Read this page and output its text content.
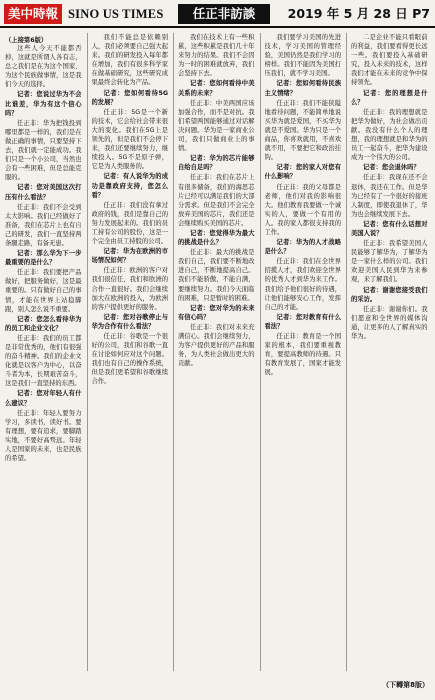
美中時報 SINO US TIMES	任正非訪談	2019 年 5 月 28 日 P7
（上接第6版）

这些人今天不能都否掉，这就是所谓人各有志，总之我们是在为这个国家、为这个民族做事情，这是我们今天的选择。

记者：您说过华为不会比谁差，华为有这个信心吗？

任正非：华为把钱投到哪里都是一样的，我们是在做正确的事情，只要坚持下去，我们就一定能成功。我们只是一个小公司，当然也会有一些困难，但是总能克服的。

记者：您对美国这次打压有什么看法？

任正非：我们不会受到太大影响。我们已经做好了准备，我们在芯片上也有自己的研发，我们一直坚持两条腿走路，有备无患。

记者：那么华为下一步最重要的是什么？

任正非：我们要把产品做好，把服务做好，这是最重要的。只有做好自己的事情，才能在世界上站稳脚跟，别人怎么说不重要。

记者：您怎么看待华为的员工和企业文化？

任正非：我们的员工都是非常优秀的，他们有很强的奋斗精神。我们的企业文化就是以客户为中心，以奋斗者为本，长期艰苦奋斗，这是我们一直坚持的东西。

记者：您对年轻人有什么建议？

任正非：年轻人要努力学习，多读书，读好书。要有理想，要有追求，要脚踏实地，不要好高骛远。年轻人是国家的未来，也是民族的希望。

我们不能总是依赖别人，我们必须要自己强大起来。我们的研发投入每年都在增加，我们有很多科学家在做基础研究，这些研究成果最终会转化为产品。

记者：您如何看待5G的发展？

任正非：5G是一个新的技术，它会给社会带来很大的变化。我们在5G上是领先的，但是我们不会停下来，我们还要继续努力，继续投入。5G不是原子弹，它是为人类服务的。

记者：有人说华为的成功是靠政府支持，您怎么看？

任正非：我们没有拿过政府的钱，我们是靠自己的努力发展起来的。我们的员工持有公司的股份，这是一个完全由员工持股的公司。

记者：华为在欧洲的市场情况如何？

任正非：欧洲的客户对我们很信任，我们和欧洲的合作一直很好。我们会继续加大在欧洲的投入，为欧洲的客户提供更好的服务。

记者：您对谷歌停止与华为合作有什么看法？

任正非：谷歌是一个很好的公司，我们和谷歌一直在讨论如何应对这个问题。我们也有自己的操作系统，但是我们更希望和谷歌继续合作。

我们在技术上有一些积累，这些积累是我们几十年来努力的结果。我们不会因为一时的困难就放弃，我们会坚持下去。

记者：您如何看待中美关系的未来？

任正非：中美两国应该加强合作，而不是对抗。我们希望两国能够通过对话解决问题。华为是一家商业公司，我们只做商业上的事情。

记者：华为的芯片能够自给自足吗？

任正非：我们在芯片上有很多储备，我们的海思芯片已经可以满足我们的大部分需求。但是我们不会完全放弃美国的芯片，我们还是会继续购买美国的芯片。

记者：您觉得华为最大的挑战是什么？

任正非：最大的挑战是我们自己，我们要不断地改进自己，不断地提高自己。我们不能骄傲，不能自满，要继续努力。我们今天面临的困难，只是暂时的困难。

记者：您对华为的未来有信心吗？

任正非：我们对未来充满信心。我们会继续努力，为客户提供更好的产品和服务，为人类社会做出更大的贡献。

我们要学习美国的先进技术，学习美国的管理经验，美国仍然是我们学习的榜样。我们不能因为美国打压我们，就不学习美国。

记者：您如何看待民族主义情绪？

任正非：我们不能狭隘地看待问题，不能简单地说买华为就是爱国，不买华为就是不爱国。华为只是一个商品，你喜欢就用，不喜欢就不用，不要把它和政治挂钩。

记者：您的家人对您有什么影响？

任正非：我的父母都是老师，他们对我的影响很大。他们教育我要做一个诚实的人，要做一个有用的人。我的家人都很支持我的工作。

记者：华为的人才战略是什么？

任正非：我们在全世界招揽人才，我们欢迎全世界的优秀人才到华为来工作。我们给予他们很好的待遇，让他们能够安心工作，发挥自己的才能。

记者：您对教育有什么看法？

任正非：教育是一个国家的根本，我们要重视教育，要提高教师的待遇。只有教育发展了，国家才能发展。

二是企业不能只看眼前的利益，我们要看得更长远一些。我们要投入基础研究，投入未来的技术，这样我们才能在未来的竞争中保持领先。

记者：您的理想是什么？

任正非：我的理想就是把华为做好，为社会做出贡献。我没有什么个人的理想，我的理想就是和华为的员工一起奋斗，把华为建设成为一个伟大的公司。

记者：您会退休吗？

任正非：我现在还不会退休，我还在工作。但是华为已经有了一个很好的接班人制度，即使我退休了，华为也会继续发展下去。

记者：您有什么话想对美国人说？

任正非：我希望美国人民能够了解华为，了解华为是一家什么样的公司。我们欢迎美国人民到华为来参观，来了解我们。

记者：谢谢您接受我们的采访。

任正非：谢谢你们。我们愿意和全世界的媒体沟通，让更多的人了解真实的华为。

（下轉第8版）
